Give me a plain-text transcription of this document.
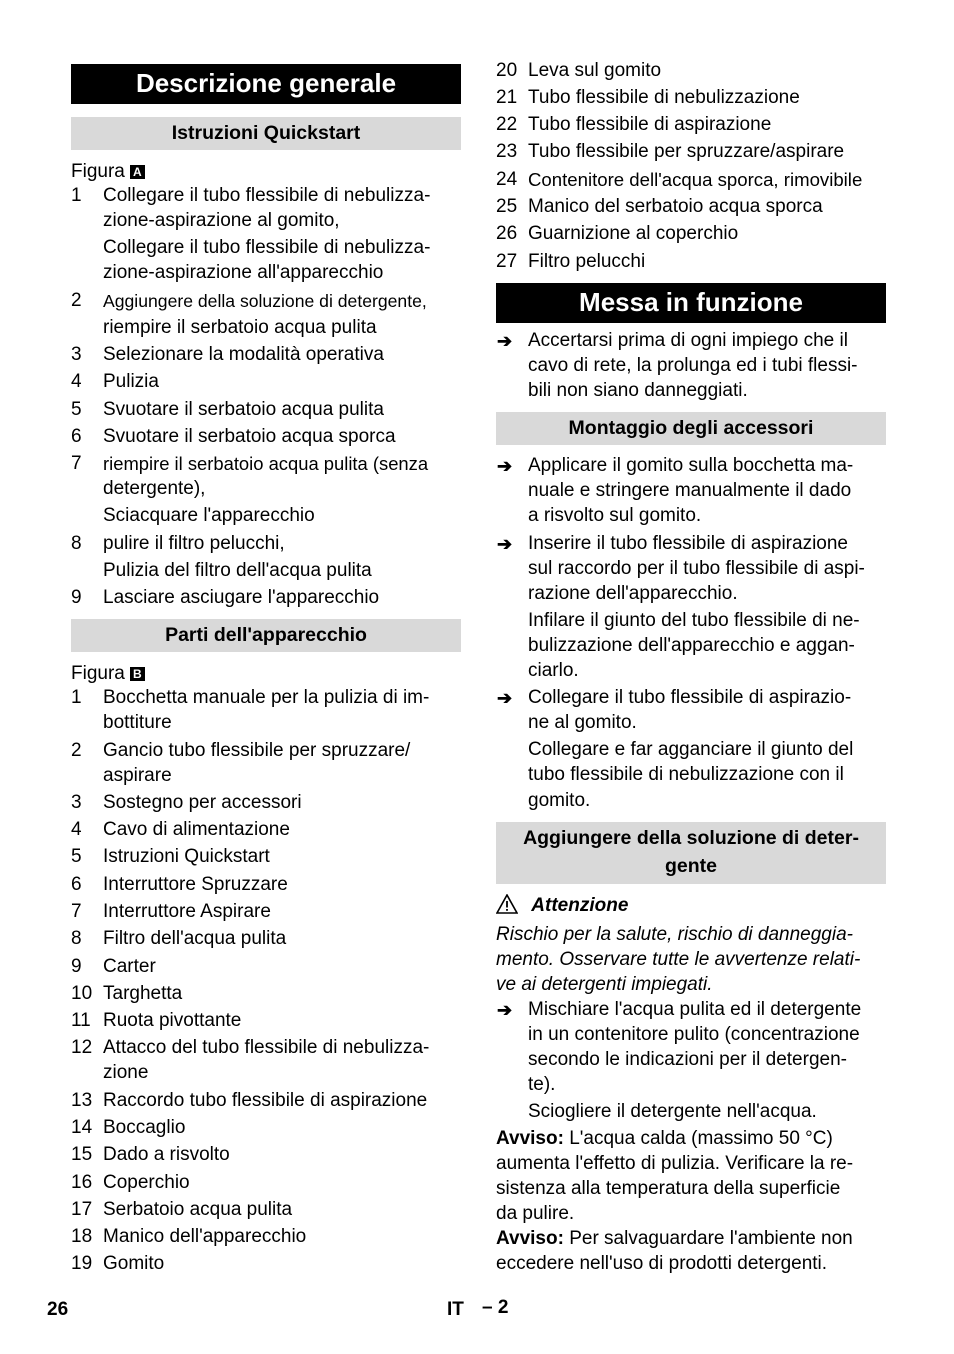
Descrizione generale
Istruzioni Quickstart
Figura A
1 Collegare il tubo flessibile di nebulizza-
zione-aspirazione al gomito,
Collegare il tubo flessibile di nebulizza-
zione-aspirazione all'apparecchio
2 Aggiungere della soluzione di detergente,
riempire il serbatoio acqua pulita
3 Selezionare la modalità operativa
4 Pulizia
5 Svuotare il serbatoio acqua pulita
6 Svuotare il serbatoio acqua sporca
7 riempire il serbatoio acqua pulita (senza
detergente),
Sciacquare l'apparecchio
8 pulire il filtro pelucchi,
Pulizia del filtro dell'acqua pulita
9 Lasciare asciugare l'apparecchio
Parti dell'apparecchio
Figura B
1 Bocchetta manuale per la pulizia di im-
bottiture
2 Gancio tubo flessibile per spruzzare/
aspirare
3 Sostegno per accessori
4 Cavo di alimentazione
5 Istruzioni Quickstart
6 Interruttore Spruzzare
7 Interruttore Aspirare
8 Filtro dell'acqua pulita
9 Carter
10 Targhetta
11 Ruota pivottante
12 Attacco del tubo flessibile di nebulizza-
zione
13 Raccordo tubo flessibile di aspirazione
14 Boccaglio
15 Dado a risvolto
16 Coperchio
17 Serbatoio acqua pulita
18 Manico dell'apparecchio
19 Gomito
20 Leva sul gomito
21 Tubo flessibile di nebulizzazione
22 Tubo flessibile di aspirazione
23 Tubo flessibile per spruzzare/aspirare
24 Contenitore dell'acqua sporca, rimovibile
25 Manico del serbatoio acqua sporca
26 Guarnizione al coperchio
27 Filtro pelucchi
Messa in funzione
➔ Accertarsi prima di ogni impiego che il
cavo di rete, la prolunga ed i tubi flessi-
bili non siano danneggiati.
Montaggio degli accessori
➔ Applicare il gomito sulla bocchetta ma-
nuale e stringere manualmente il dado
a risvolto sul gomito.
➔ Inserire il tubo flessibile di aspirazione
sul raccordo per il tubo flessibile di aspi-
razione dell'apparecchio.
Infilare il giunto del tubo flessibile di ne-
bulizzazione dell'apparecchio e aggan-
ciarlo.
➔ Collegare il tubo flessibile di aspirazio-
ne al gomito.
Collegare e far agganciare il giunto del
tubo flessibile di nebulizzazione con il
gomito.
Aggiungere della soluzione di deter-
gente
Attenzione
Rischio per la salute, rischio di danneggia-
mento. Osservare tutte le avvertenze relati-
ve ai detergenti impiegati.
➔ Mischiare l'acqua pulita ed il detergente
in un contenitore pulito (concentrazione
secondo le indicazioni per il detergen-
te).
Sciogliere il detergente nell'acqua.
Avviso: L'acqua calda (massimo 50 °C)
aumenta l'effetto di pulizia. Verificare la re-
sistenza alla temperatura della superficie
da pulire.
Avviso: Per salvaguardare l'ambiente non
eccedere nell'uso di prodotti detergenti.
26	IT – 2
